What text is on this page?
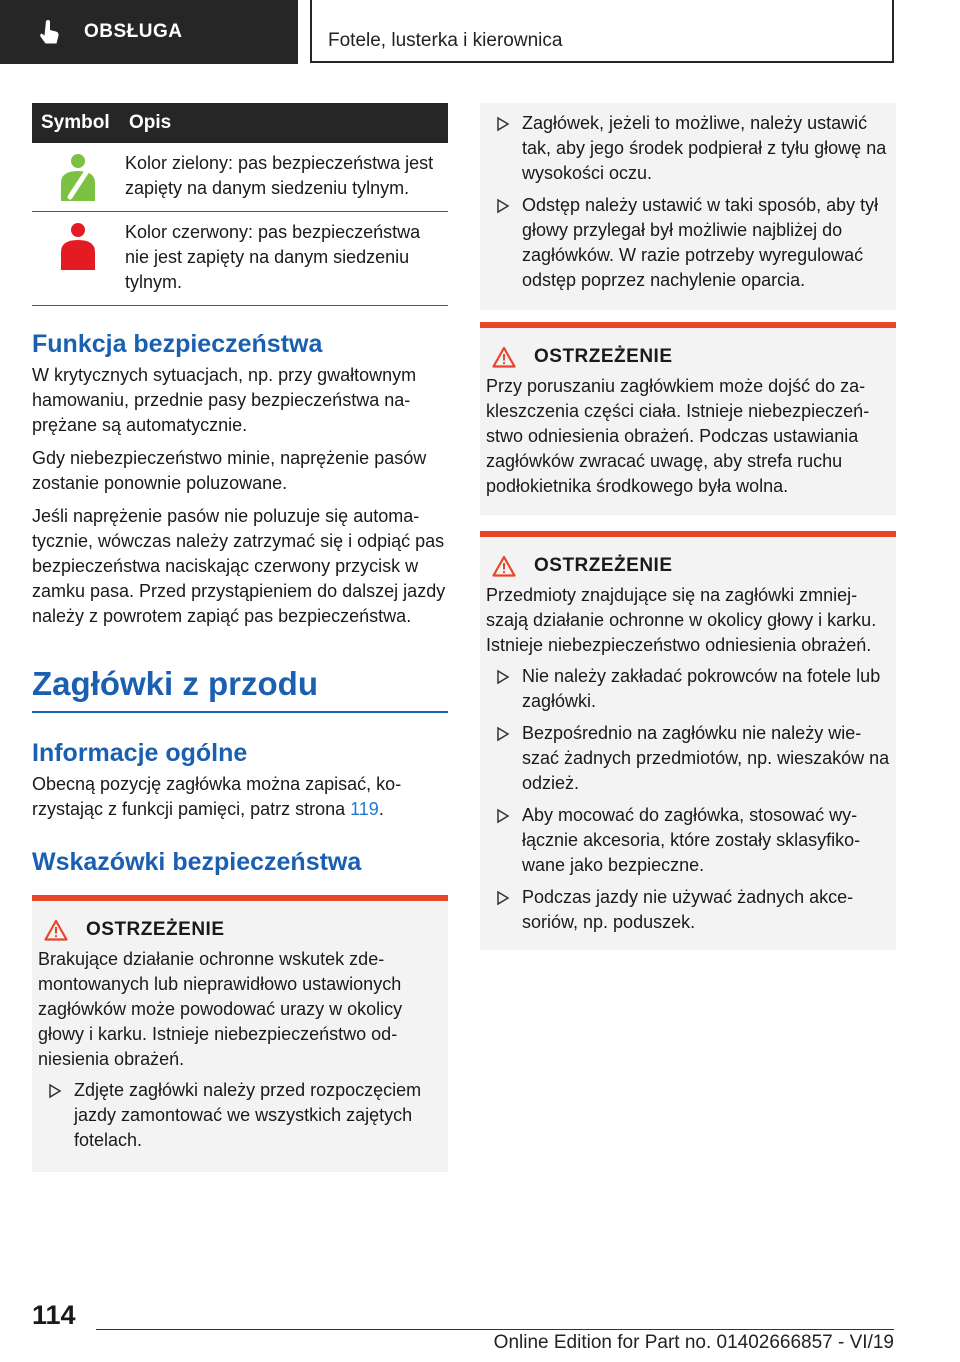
OBSŁUGA	Fotele, lusterka i kierownica
Symbol	Opis

	Kolor zielony: pas bezpieczeństwa jest zapięty na danym siedzeniu tylnym.

	Kolor czerwony: pas bezpieczeństwa nie jest zapięty na danym siedzeniu tylnym.
Funkcja bezpieczeństwa

W krytycznych sytuacjach, np. przy gwałtownym hamowaniu, przednie pasy bezpieczeństwa naprężane są automatycznie.

Gdy niebezpieczeństwo minie, naprężenie pasów zostanie ponownie poluzowane.

Jeśli naprężenie pasów nie poluzuje się automatycznie, wówczas należy zatrzymać się i odpiąć pas bezpieczeństwa naciskając czerwony przycisk w zamku pasa. Przed przystąpieniem do dalszej jazdy należy z powrotem zapiąć pas bezpieczeństwa.

Zagłówki z przodu
Informacje ogólne

Obecną pozycję zagłówka można zapisać, korzystając z funkcji pamięci, patrz strona 119.

Wskazówki bezpieczeństwa
OSTRZEŻENIE

Brakujące działanie ochronne wskutek zdemontowanych lub nieprawidłowo ustawionych zagłówków może powodować urazy w okolicy głowy i karku. Istnieje niebezpieczeństwo odniesienia obrażeń.

Zdjęte zagłówki należy przed rozpoczęciem jazdy zamontować we wszystkich zajętych fotelach.
Zagłówek, jeżeli to możliwe, należy ustawić tak, aby jego środek podpierał z tyłu głowę na wysokości oczu.
Odstęp należy ustawić w taki sposób, aby tył głowy przylegał był możliwie najbliżej do zagłówków. W razie potrzeby wyregulować odstęp poprzez nachylenie oparcia.
OSTRZEŻENIE

Przy poruszaniu zagłówkiem może dojść do zakleszczenia części ciała. Istnieje niebezpieczeństwo odniesienia obrażeń. Podczas ustawiania zagłówków zwracać uwagę, aby strefa ruchu podłokietnika środkowego była wolna.

OSTRZEŻENIE

Przedmioty znajdujące się na zagłówki zmniejszają działanie ochronne w okolicy głowy i karku. Istnieje niebezpieczeństwo odniesienia obrażeń.

Nie należy zakładać pokrowców na fotele lub zagłówki.
Bezpośrednio na zagłówku nie należy wieszać żadnych przedmiotów, np. wieszaków na odzież.
Aby mocować do zagłówka, stosować wyłącznie akcesoria, które zostały sklasyfikowane jako bezpieczne.
Podczas jazdy nie używać żadnych akcesoriów, np. poduszek.
114
Online Edition for Part no. 01402666857 - VI/19
